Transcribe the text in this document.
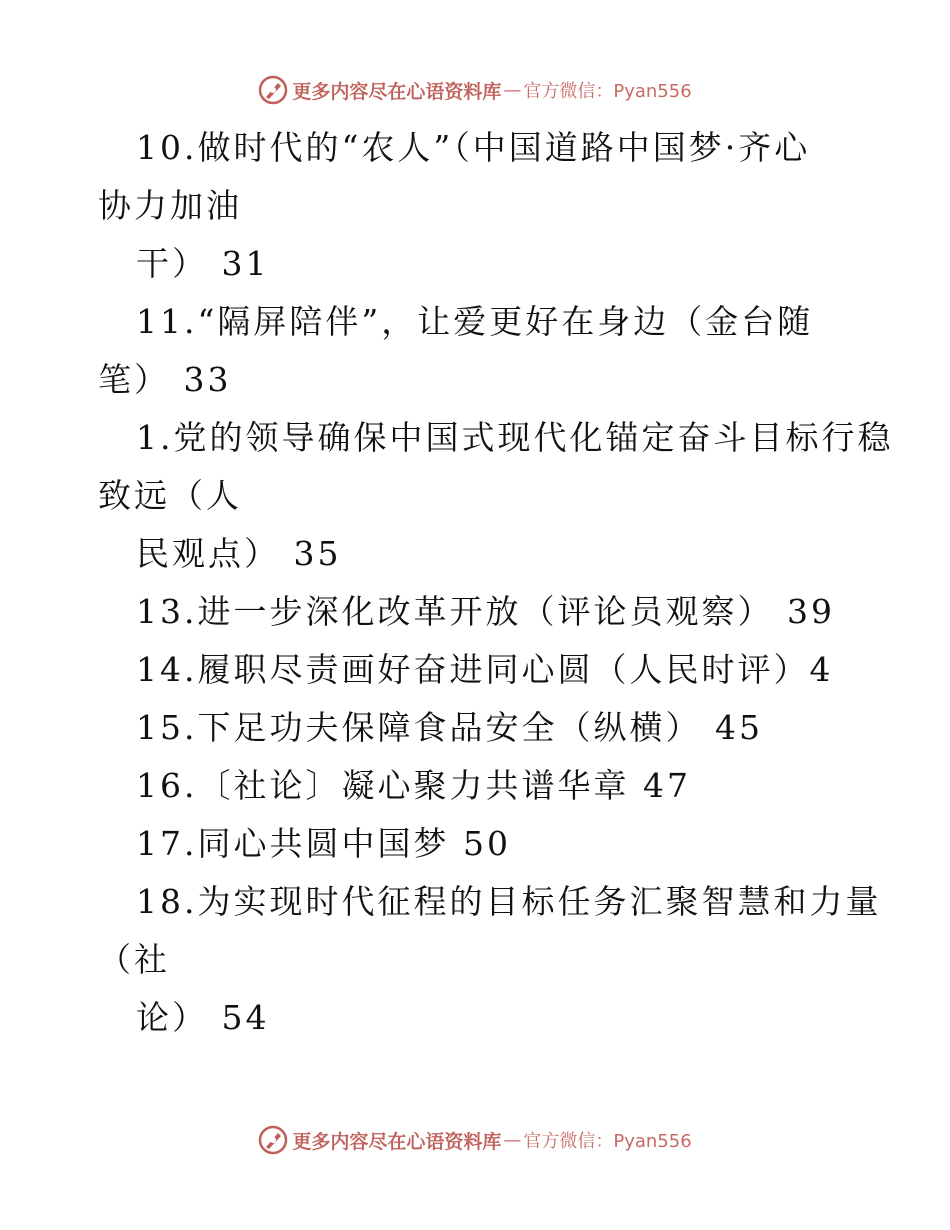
更多内容尽在心语资料库 — 官方微信：Pyan556
10.做时代的“农人”（中国道路中国梦·齐心
协力加油
干） 31
11.“隔屏陪伴”，让爱更好在身边（金台随
笔） 33
1.党的领导确保中国式现代化锚定奋斗目标行稳
致远（人
民观点） 35
13.进一步深化改革开放（评论员观察） 39
14.履职尽责画好奋进同心圆（人民时评）4
15.下足功夫保障食品安全（纵横） 45
16.〔社论〕凝心聚力共谱华章 47
17.同心共圆中国梦 50
18.为实现时代征程的目标任务汇聚智慧和力量
（社
论） 54
更多内容尽在心语资料库 — 官方微信：Pyan556
